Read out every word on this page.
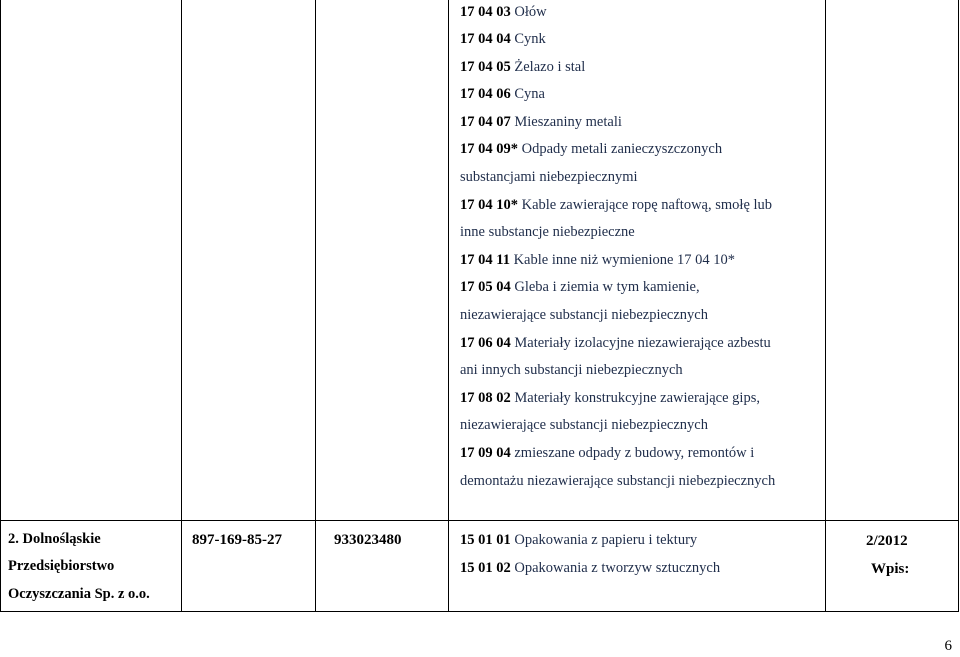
17 04 03 Ołów
17 04 04 Cynk
17 04 05 Żelazo i stal
17 04 06 Cyna
17 04 07 Mieszaniny metali
17 04 09* Odpady metali zanieczyszczonych
substancjami niebezpiecznymi
17 04 10* Kable zawierające ropę naftową, smołę lub
inne substancje niebezpieczne
17 04 11 Kable inne niż wymienione 17 04 10*
17 05 04 Gleba i ziemia w tym kamienie,
niezawierające substancji niebezpiecznych
17 06 04 Materiały izolacyjne niezawierające azbestu
ani innych substancji niebezpiecznych
17 08 02 Materiały konstrukcyjne zawierające gips,
niezawierające substancji niebezpiecznych
17 09 04 zmieszane odpady z budowy, remontów i
demontażu niezawierające substancji niebezpiecznych
2. Dolnośląskie
Przedsiębiorstwo
Oczyszczania Sp. z o.o.
897-169-85-27	933023480	15 01 01 Opakowania z papieru i tektury
15 01 02 Opakowania z tworzyw sztucznych
2/2012
Wpis:
6
